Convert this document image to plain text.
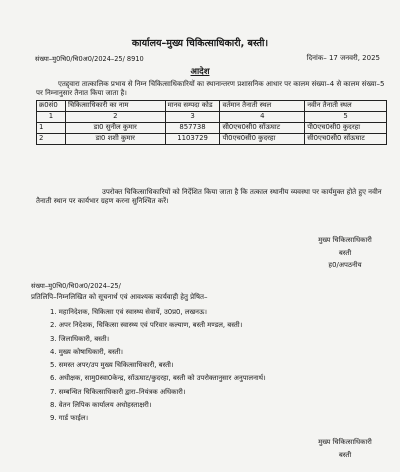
कार्यालय–मुख्य चिकित्साधिकारी, बस्ती।
संख्या–मु0चि0/चि0अ0/2024–25/ 8910	दिनांक– 17 जनवरी, 2025
आदेश
एतद्द्वारा तात्कालिक प्रभाव से निम्न चिकित्साधिकारियों का स्थानान्तरण प्रशासनिक आधार पर कालम संख्या–4 से कालम संख्या–5 पर निम्नानुसार तैनात किया जाता है।
क्र0सं0	चिकित्साधिकारी का नाम	मानव सम्पदा कोड	वर्तमान तैनाती स्थल	नवीन तैनाती स्थल
1	2	3	4	5
1	डा0 सुनील कुमार	857738	सी0एच0सी0 सॉऊघाट	पी0एच0सी0 कुदरहा
2	डा0 शशी कुमार	1103729	पी0एच0सी0 कुदरहा	सी0एच0सी0 सॉऊघाट
उपरोक्त चिकित्साधिकारियों को निर्देशित किया जाता है कि तत्काल स्थानीय व्यवस्था पर कार्यमुक्त होते हुए नवीन तैनाती स्थान पर कार्यभार ग्रहण करना सुनिश्चित करें।
मुख्य चिकित्साधिकारी
बस्ती
ह0/अपठनीय
संख्या–मु0चि0/चि0अ0/2024–25/
प्रतिलिपि–निम्नलिखित को सूचनार्थ एवं आवश्यक कार्यवाही हेतु प्रेषित–
1. महानिदेशक, चिकित्सा एवं स्वास्थ्य सेवायें, उ0प्र0, लखनऊ।
2. अपर निदेशक, चिकित्सा स्वास्थ्य एवं परिवार कल्याण, बस्ती मण्डल, बस्ती।
3. जिलाधिकारी, बस्ती।
4. मुख्य कोषाधिकारी, बस्ती।
5. समस्त अपर/उप मुख्य चिकित्साधिकारी, बस्ती।
6. अधीक्षक, सामु0स्वा0केन्द्र, सॉऊघाट/कुदरहा, बस्ती को उपरोक्तानुसार अनुपालनार्थ।
7. सम्बन्धित चिकित्साधिकारी द्वारा–नियंत्रक अधिकारी।
8. वेतन लिपिक कार्यालय अधोहस्ताक्षरी।
9. गार्ड फाईल।
मुख्य चिकित्साधिकारी
बस्ती
